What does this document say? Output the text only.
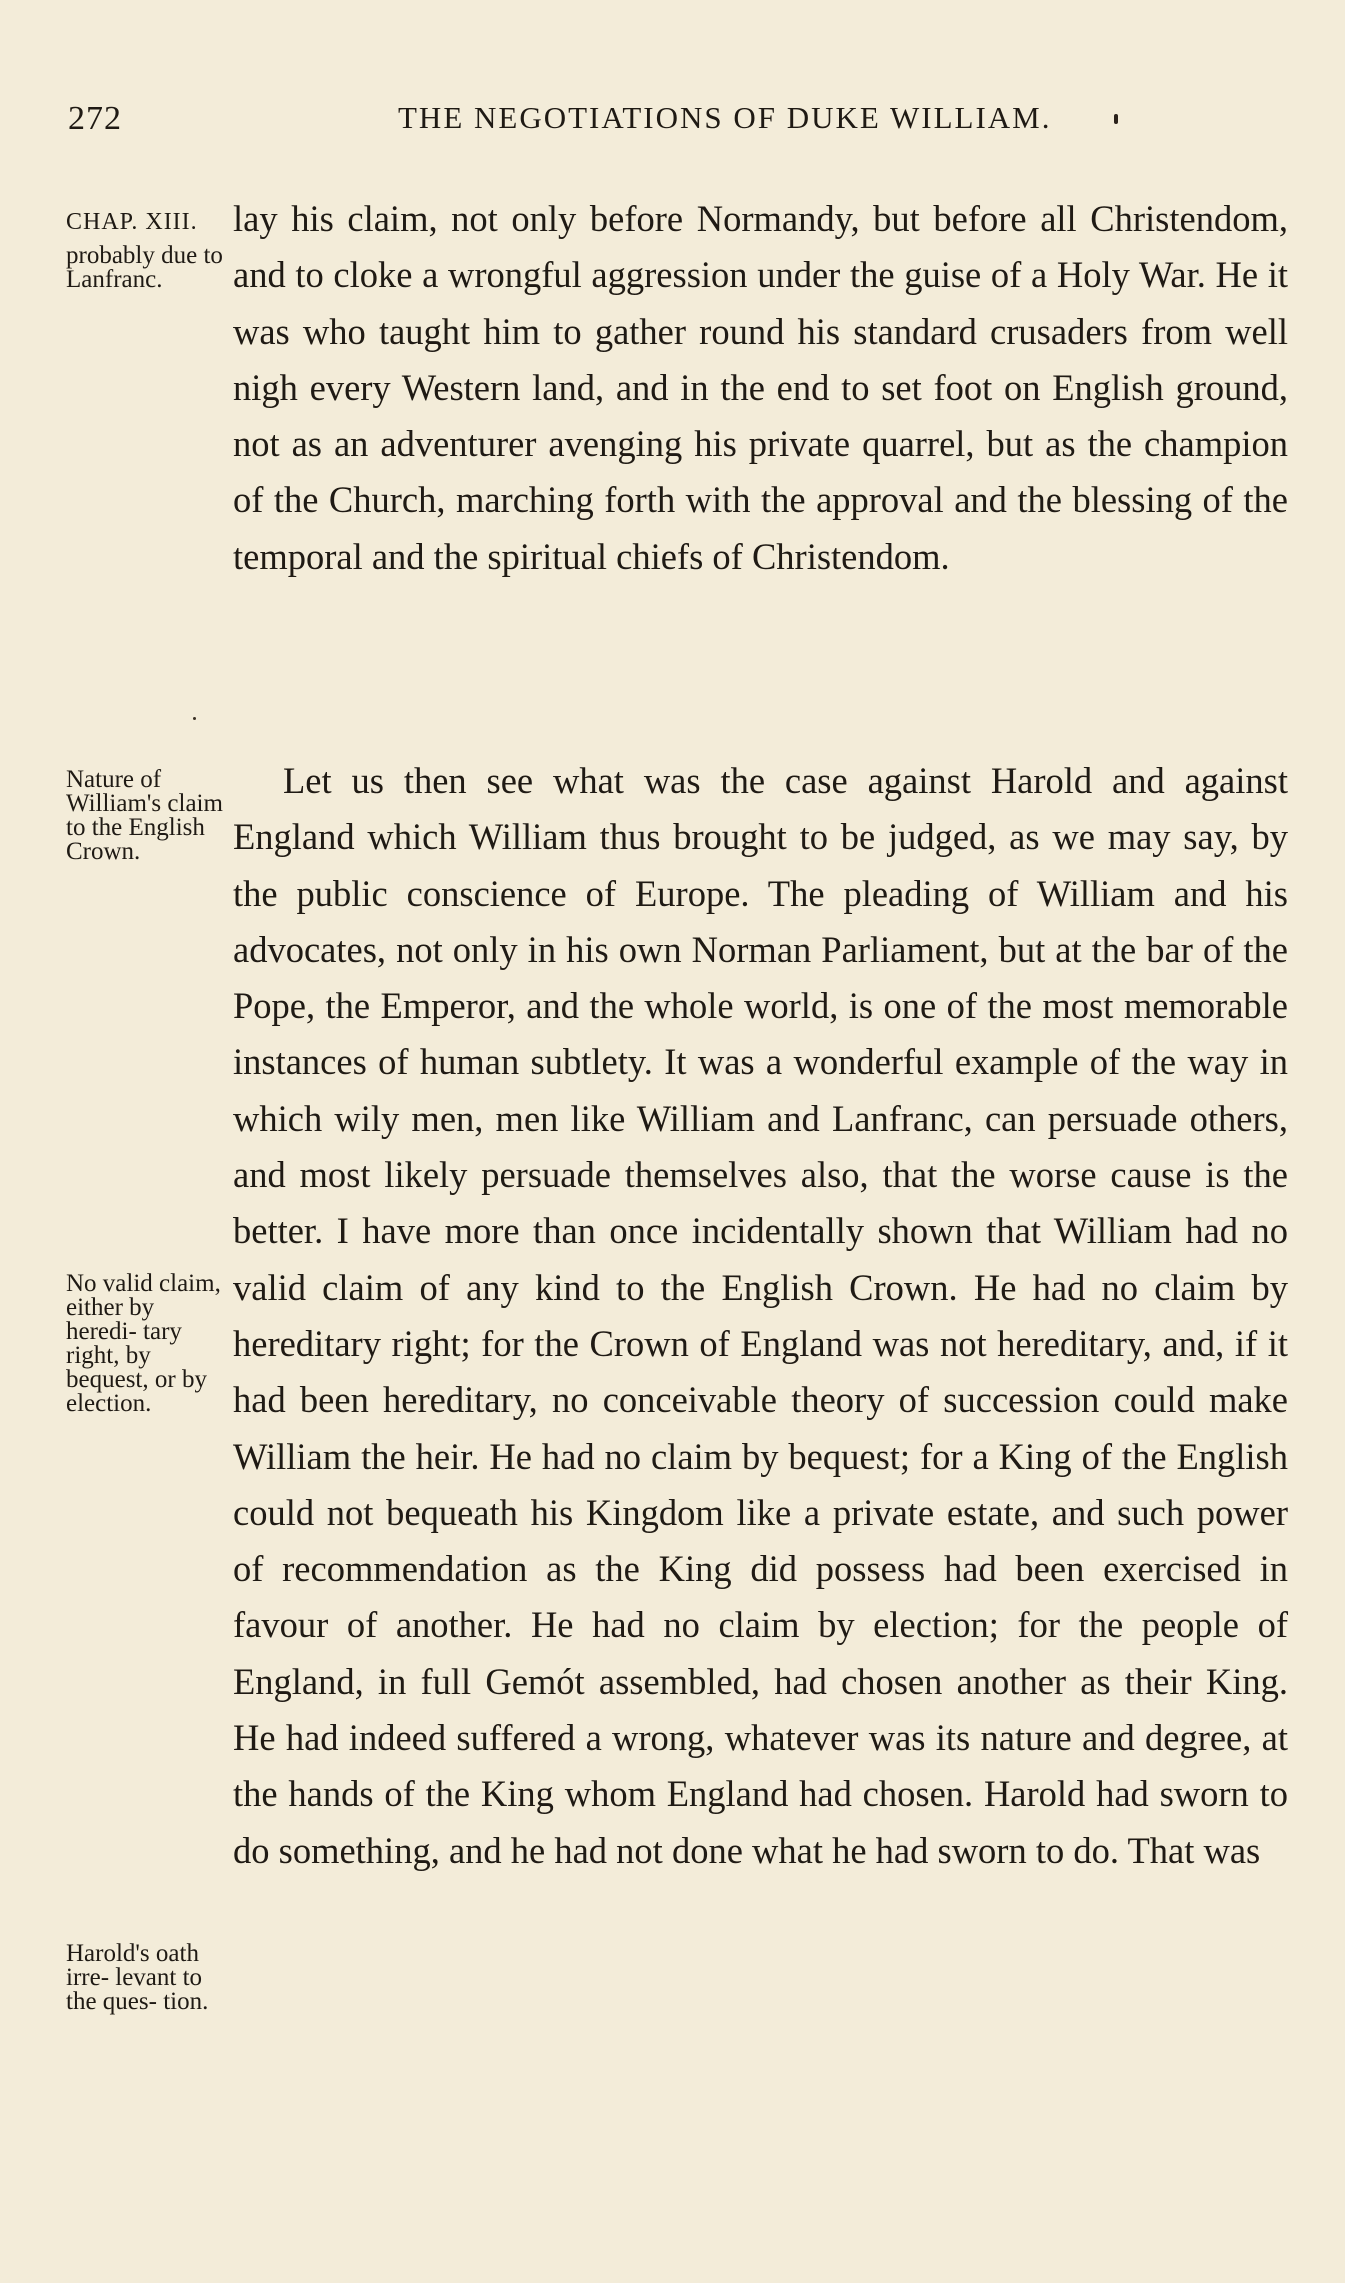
272	THE NEGOTIATIONS OF DUKE WILLIAM.
CHAP. XIII.
probably due to Lanfranc.
Nature of William's claim to the English Crown.
No valid claim, either by heredi- tary right, by bequest, or by election.
Harold's oath irre- levant to the ques- tion.

lay his claim, not only before Normandy, but before all Christendom, and to cloke a wrongful aggression under the guise of a Holy War. He it was who taught him to gather round his standard crusaders from well nigh every Western land, and in the end to set foot on English ground, not as an adventurer avenging his private quarrel, but as the champion of the Church, marching forth with the approval and the blessing of the temporal and the spiritual chiefs of Christendom.

Let us then see what was the case against Harold and against England which William thus brought to be judged, as we may say, by the public conscience of Europe. The pleading of William and his advocates, not only in his own Norman Parliament, but at the bar of the Pope, the Emperor, and the whole world, is one of the most memorable instances of human subtlety. It was a wonderful example of the way in which wily men, men like William and Lanfranc, can persuade others, and most likely persuade themselves also, that the worse cause is the better. I have more than once incidentally shown that William had no valid claim of any kind to the English Crown. He had no claim by hereditary right; for the Crown of England was not hereditary, and, if it had been hereditary, no conceivable theory of succession could make William the heir. He had no claim by bequest; for a King of the English could not bequeath his Kingdom like a private estate, and such power of recommendation as the King did possess had been exercised in favour of another. He had no claim by election; for the people of England, in full Gemót assembled, had chosen another as their King. He had indeed suffered a wrong, whatever was its nature and degree, at the hands of the King whom England had chosen. Harold had sworn to do something, and he had not done what he had sworn to do. That was
